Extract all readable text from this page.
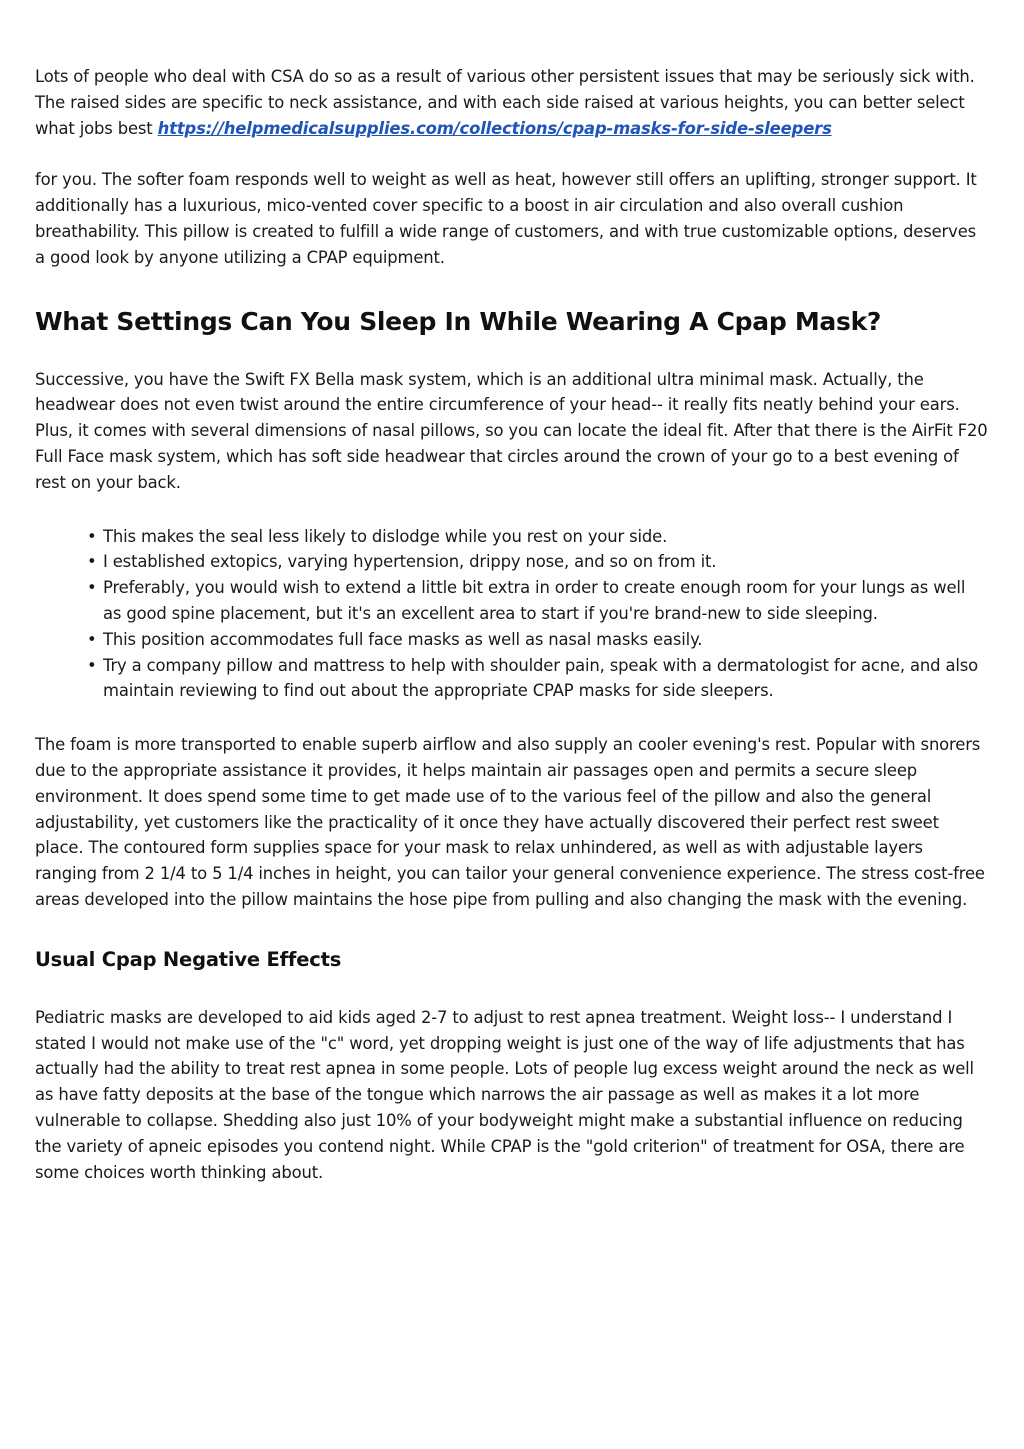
Lots of people who deal with CSA do so as a result of various other persistent issues that may be seriously sick with. The raised sides are specific to neck assistance, and with each side raised at various heights, you can better select what jobs best https://helpmedicalsupplies.com/collections/cpap-masks-for-side-sleepers

for you. The softer foam responds well to weight as well as heat, however still offers an uplifting, stronger support. It additionally has a luxurious, mico-vented cover specific to a boost in air circulation and also overall cushion breathability. This pillow is created to fulfill a wide range of customers, and with true customizable options, deserves a good look by anyone utilizing a CPAP equipment.

What Settings Can You Sleep In While Wearing A Cpap Mask?

Successive, you have the Swift FX Bella mask system, which is an additional ultra minimal mask. Actually, the headwear does not even twist around the entire circumference of your head-- it really fits neatly behind your ears. Plus, it comes with several dimensions of nasal pillows, so you can locate the ideal fit. After that there is the AirFit F20 Full Face mask system, which has soft side headwear that circles around the crown of your go to a best evening of rest on your back.

• This makes the seal less likely to dislodge while you rest on your side.
• I established extopics, varying hypertension, drippy nose, and so on from it.
• Preferably, you would wish to extend a little bit extra in order to create enough room for your lungs as well as good spine placement, but it's an excellent area to start if you're brand-new to side sleeping.
• This position accommodates full face masks as well as nasal masks easily.
• Try a company pillow and mattress to help with shoulder pain, speak with a dermatologist for acne, and also maintain reviewing to find out about the appropriate CPAP masks for side sleepers.

The foam is more transported to enable superb airflow and also supply an cooler evening's rest. Popular with snorers due to the appropriate assistance it provides, it helps maintain air passages open and permits a secure sleep environment. It does spend some time to get made use of to the various feel of the pillow and also the general adjustability, yet customers like the practicality of it once they have actually discovered their perfect rest sweet place. The contoured form supplies space for your mask to relax unhindered, as well as with adjustable layers ranging from 2 1/4 to 5 1/4 inches in height, you can tailor your general convenience experience. The stress cost-free areas developed into the pillow maintains the hose pipe from pulling and also changing the mask with the evening.

Usual Cpap Negative Effects

Pediatric masks are developed to aid kids aged 2-7 to adjust to rest apnea treatment. Weight loss-- I understand I stated I would not make use of the "c" word, yet dropping weight is just one of the way of life adjustments that has actually had the ability to treat rest apnea in some people. Lots of people lug excess weight around the neck as well as have fatty deposits at the base of the tongue which narrows the air passage as well as makes it a lot more vulnerable to collapse. Shedding also just 10% of your bodyweight might make a substantial influence on reducing the variety of apneic episodes you contend night. While CPAP is the "gold criterion" of treatment for OSA, there are some choices worth thinking about.
